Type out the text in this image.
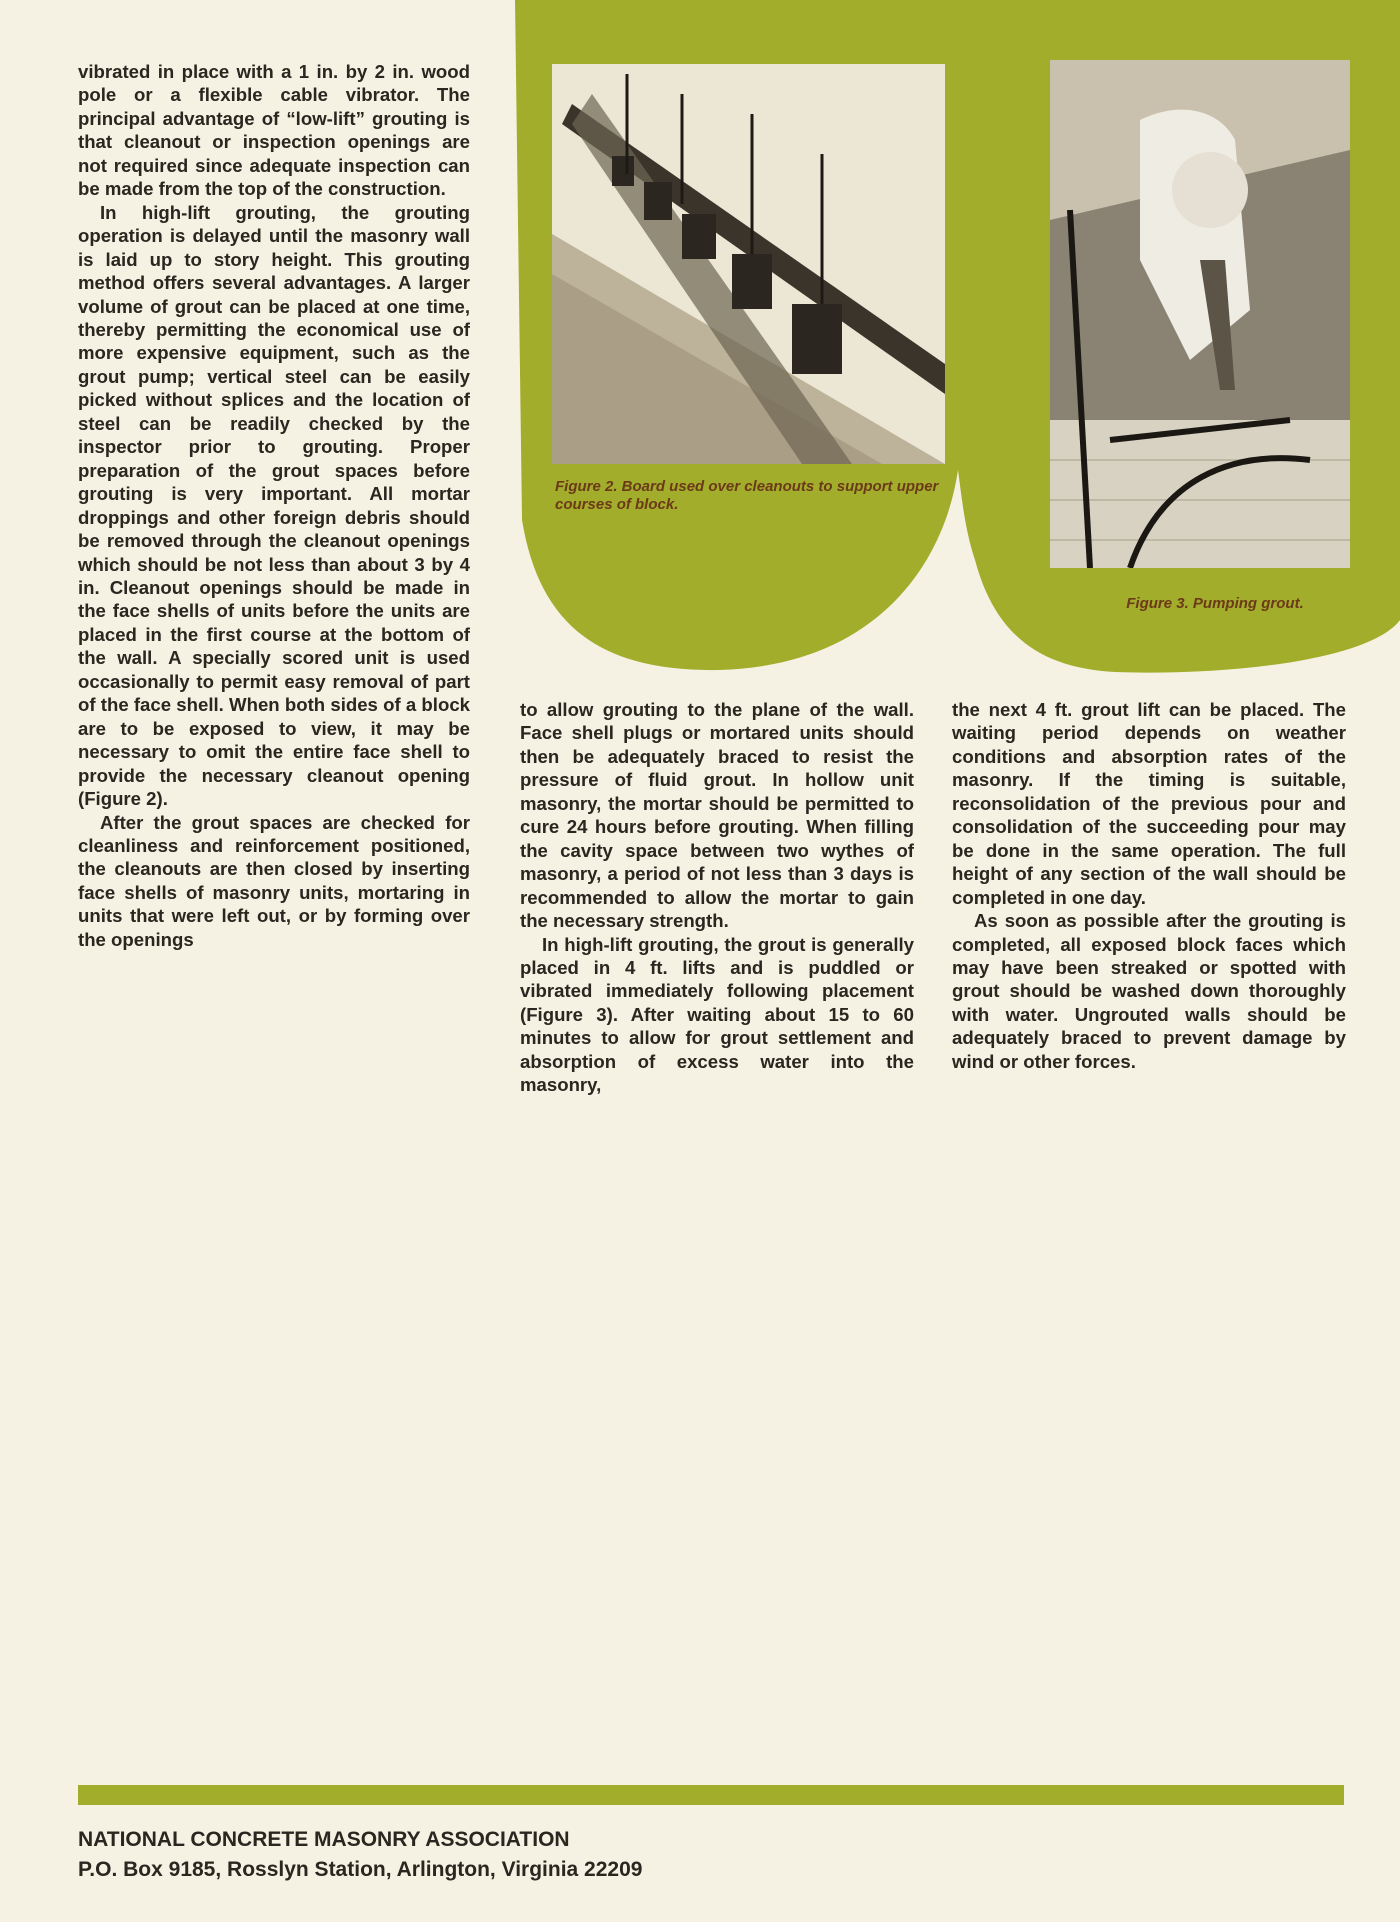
Figure 2. Board used over cleanouts to support upper courses of block.
Figure 3. Pumping grout.

vibrated in place with a 1 in. by 2 in. wood pole or a flexible cable vibrator. The principal advantage of “low-lift” grouting is that cleanout or inspection openings are not required since adequate inspection can be made from the top of the construction.

In high-lift grouting, the grouting operation is delayed until the masonry wall is laid up to story height. This grouting method offers several advantages. A larger volume of grout can be placed at one time, thereby permitting the economical use of more expensive equipment, such as the grout pump; vertical steel can be easily picked without splices and the location of steel can be readily checked by the inspector prior to grouting. Proper preparation of the grout spaces before grouting is very important. All mortar droppings and other foreign debris should be removed through the cleanout openings which should be not less than about 3 by 4 in. Cleanout openings should be made in the face shells of units before the units are placed in the first course at the bottom of the wall. A specially scored unit is used occasionally to permit easy removal of part of the face shell. When both sides of a block are to be exposed to view, it may be necessary to omit the entire face shell to provide the necessary cleanout opening (Figure 2).

After the grout spaces are checked for cleanliness and reinforcement positioned, the cleanouts are then closed by inserting face shells of masonry units, mortaring in units that were left out, or by forming over the openings

to allow grouting to the plane of the wall. Face shell plugs or mortared units should then be adequately braced to resist the pressure of fluid grout. In hollow unit masonry, the mortar should be permitted to cure 24 hours before grouting. When filling the cavity space between two wythes of masonry, a period of not less than 3 days is recommended to allow the mortar to gain the necessary strength.

In high-lift grouting, the grout is generally placed in 4 ft. lifts and is puddled or vibrated immediately following placement (Figure 3). After waiting about 15 to 60 minutes to allow for grout settlement and absorption of excess water into the masonry,

the next 4 ft. grout lift can be placed. The waiting period depends on weather conditions and absorption rates of the masonry. If the timing is suitable, reconsolidation of the previous pour and consolidation of the succeeding pour may be done in the same operation. The full height of any section of the wall should be completed in one day.

As soon as possible after the grouting is completed, all exposed block faces which may have been streaked or spotted with grout should be washed down thoroughly with water. Ungrouted walls should be adequately braced to prevent damage by wind or other forces.

NATIONAL CONCRETE MASONRY ASSOCIATION
P.O. Box 9185, Rosslyn Station, Arlington, Virginia 22209
